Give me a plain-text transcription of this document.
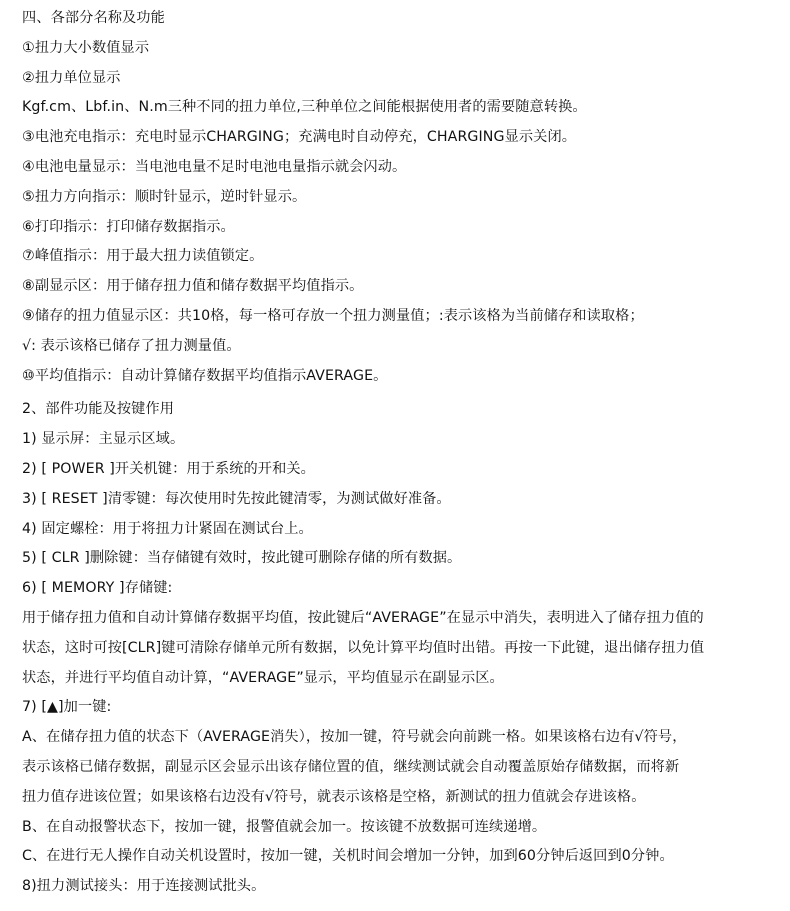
四、各部分名称及功能
①扭力大小数值显示
②扭力单位显示
Kgf.cm、Lbf.in、N.m三种不同的扭力单位,三种单位之间能根据使用者的需要随意转换。
③电池充电指示：充电时显示CHARGING；充满电时自动停充，CHARGING显示关闭。
④电池电量显示：当电池电量不足时电池电量指示就会闪动。
⑤扭力方向指示：顺时针显示，逆时针显示。
⑥打印指示：打印储存数据指示。
⑦峰值指示：用于最大扭力读值锁定。
⑧副显示区：用于储存扭力值和储存数据平均值指示。
⑨储存的扭力值显示区：共10格，每一格可存放一个扭力测量值；:表示该格为当前储存和读取格；
√: 表示该格已储存了扭力测量值。
⑩平均值指示：自动计算储存数据平均值指示AVERAGE。
2、部件功能及按键作用
1) 显示屏：主显示区域。
2) [ POWER ]开关机键：用于系统的开和关。
3) [ RESET ]清零键：每次使用时先按此键清零，为测试做好准备。
4) 固定螺栓：用于将扭力计紧固在测试台上。
5) [ CLR ]删除键：当存储键有效时，按此键可删除存储的所有数据。
6) [ MEMORY ]存储键:
用于储存扭力值和自动计算储存数据平均值，按此键后“AVERAGE”在显示中消失，表明进入了储存扭力值的
状态，这时可按[CLR]键可清除存储单元所有数据，以免计算平均值时出错。再按一下此键，退出储存扭力值
状态，并进行平均值自动计算，“AVERAGE”显示，平均值显示在副显示区。
7) [▲]加一键:
A、在储存扭力值的状态下（AVERAGE消失），按加一键，符号就会向前跳一格。如果该格右边有√符号，
表示该格已储存数据，副显示区会显示出该存储位置的值，继续测试就会自动覆盖原始存储数据，而将新
扭力值存进该位置；如果该格右边没有√符号，就表示该格是空格，新测试的扭力值就会存进该格。
B、在自动报警状态下，按加一键，报警值就会加一。按该键不放数据可连续递增。
C、在进行无人操作自动关机设置时，按加一键，关机时间会增加一分钟，加到60分钟后返回到0分钟。
8)扭力测试接头：用于连接测试批头。
